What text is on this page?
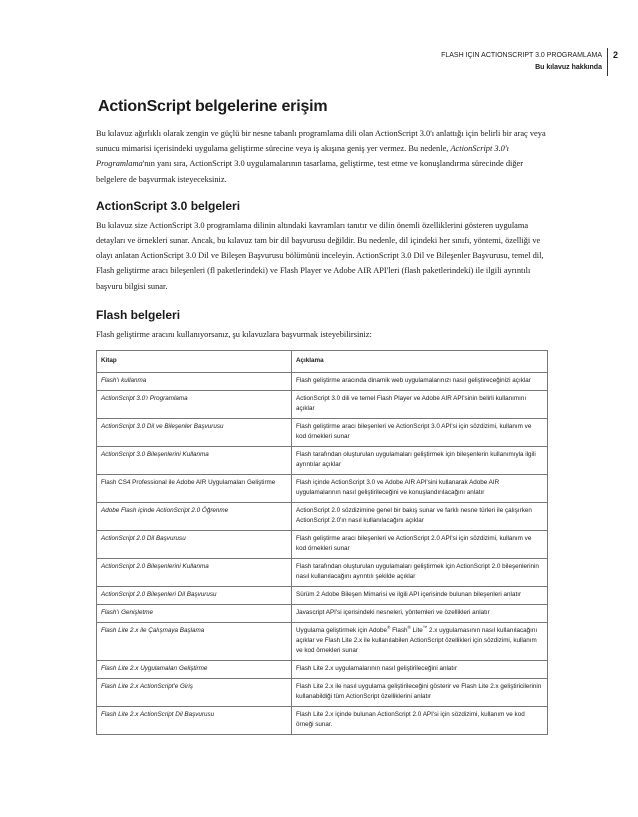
FLASH IÇIN ACTIONSCRIPT 3.0 PROGRAMLAMA
Bu kılavuz hakkında
2
ActionScript belgelerine erişim

Bu kılavuz ağırlıklı olarak zengin ve güçlü bir nesne tabanlı programlama dili olan ActionScript 3.0'ı anlattığı için belirli bir araç veya sunucu mimarisi içerisindeki uygulama geliştirme sürecine veya iş akışına geniş yer vermez. Bu nedenle, ActionScript 3.0'ı Programlama'nın yanı sıra, ActionScript 3.0 uygulamalarının tasarlama, geliştirme, test etme ve konuşlandırma sürecinde diğer belgelere de başvurmak isteyeceksiniz.

ActionScript 3.0 belgeleri

Bu kılavuz size ActionScript 3.0 programlama dilinin altındaki kavramları tanıtır ve dilin önemli özelliklerini gösteren uygulama detayları ve örnekleri sunar. Ancak, bu kılavuz tam bir dil başvurusu değildir. Bu nedenle, dil içindeki her sınıfı, yöntemi, özelliği ve olayı anlatan ActionScript 3.0 Dil ve Bileşen Başvurusu bölümünü inceleyin. ActionScript 3.0 Dil ve Bileşenler Başvurusu, temel dil, Flash geliştirme aracı bileşenleri (fl paketlerindeki) ve Flash Player ve Adobe AIR API'leri (flash paketlerindeki) ile ilgili ayrıntılı başvuru bilgisi sunar.

Flash belgeleri

Flash geliştirme aracını kullanıyorsanız, şu kılavuzlara başvurmak isteyebilirsiniz:

Kitap	Açıklama
Flash'ı kullanma	Flash geliştirme aracında dinamik web uygulamalarınızı nasıl geliştireceğinizi açıklar
ActionScript 3.0'ı Programlama	ActionScript 3.0 dili ve temel Flash Player ve Adobe AIR API'sinin belirli kullanımını açıklar
ActionScript 3.0 Dil ve Bileşenler Başvurusu	Flash geliştirme aracı bileşenleri ve ActionScript 3.0 API'si için sözdizimi, kullanım ve kod örnekleri sunar
ActionScript 3.0 Bileşenlerini Kullanma	Flash tarafından oluşturulan uygulamaları geliştirmek için bileşenlerin kullanımıyla ilgili ayrıntılar açıklar
Flash CS4 Professional ile Adobe AIR Uygulamaları Geliştirme	Flash içinde ActionScript 3.0 ve Adobe AIR API'sini kullanarak Adobe AIR uygulamalarının nasıl geliştirileceğini ve konuşlandırılacağını anlatır
Adobe Flash içinde ActionScript 2.0 Öğrenme	ActionScript 2.0 sözdizimine genel bir bakış sunar ve farklı nesne türleri ile çalışırken ActionScript 2.0'ın nasıl kullanılacağını açıklar
ActionScript 2.0 Dil Başvurusu	Flash geliştirme aracı bileşenleri ve ActionScript 2.0 API'si için sözdizimi, kullanım ve kod örnekleri sunar
ActionScript 2.0 Bileşenlerini Kullanma	Flash tarafından oluşturulan uygulamaları geliştirmek için ActionScript 2.0 bileşenlerinin nasıl kullanılacağını ayrıntılı şekilde açıklar
ActionScript 2.0 Bileşenleri Dil Başvurusu	Sürüm 2 Adobe Bileşen Mimarisi ve ilgili API içerisinde bulunan bileşenleri anlatır
Flash'ı Genişletme	Javascript API'si içerisindeki nesneleri, yöntemleri ve özellikleri anlatır
Flash Lite 2.x ile Çalışmaya Başlama	Uygulama geliştirmek için Adobe® Flash® Lite™ 2.x uygulamasının nasıl kullanılacağını açıklar ve Flash Lite 2.x ile kullanılabilen ActionScript özellikleri için sözdizimi, kullanım ve kod örnekleri sunar
Flash Lite 2.x Uygulamaları Geliştirme	Flash Lite 2.x uygulamalarının nasıl geliştirileceğini anlatır
Flash Lite 2.x ActionScript'e Giriş	Flash Lite 2.x ile nasıl uygulama geliştirileceğini gösterir ve Flash Lite 2.x geliştiricilerinin kullanabildiği tüm ActionScript özelliklerini anlatır
Flash Lite 2.x ActionScript Dil Başvurusu	Flash Lite 2.x içinde bulunan ActionScript 2.0 API'si için sözdizimi, kullanım ve kod örneği sunar.
